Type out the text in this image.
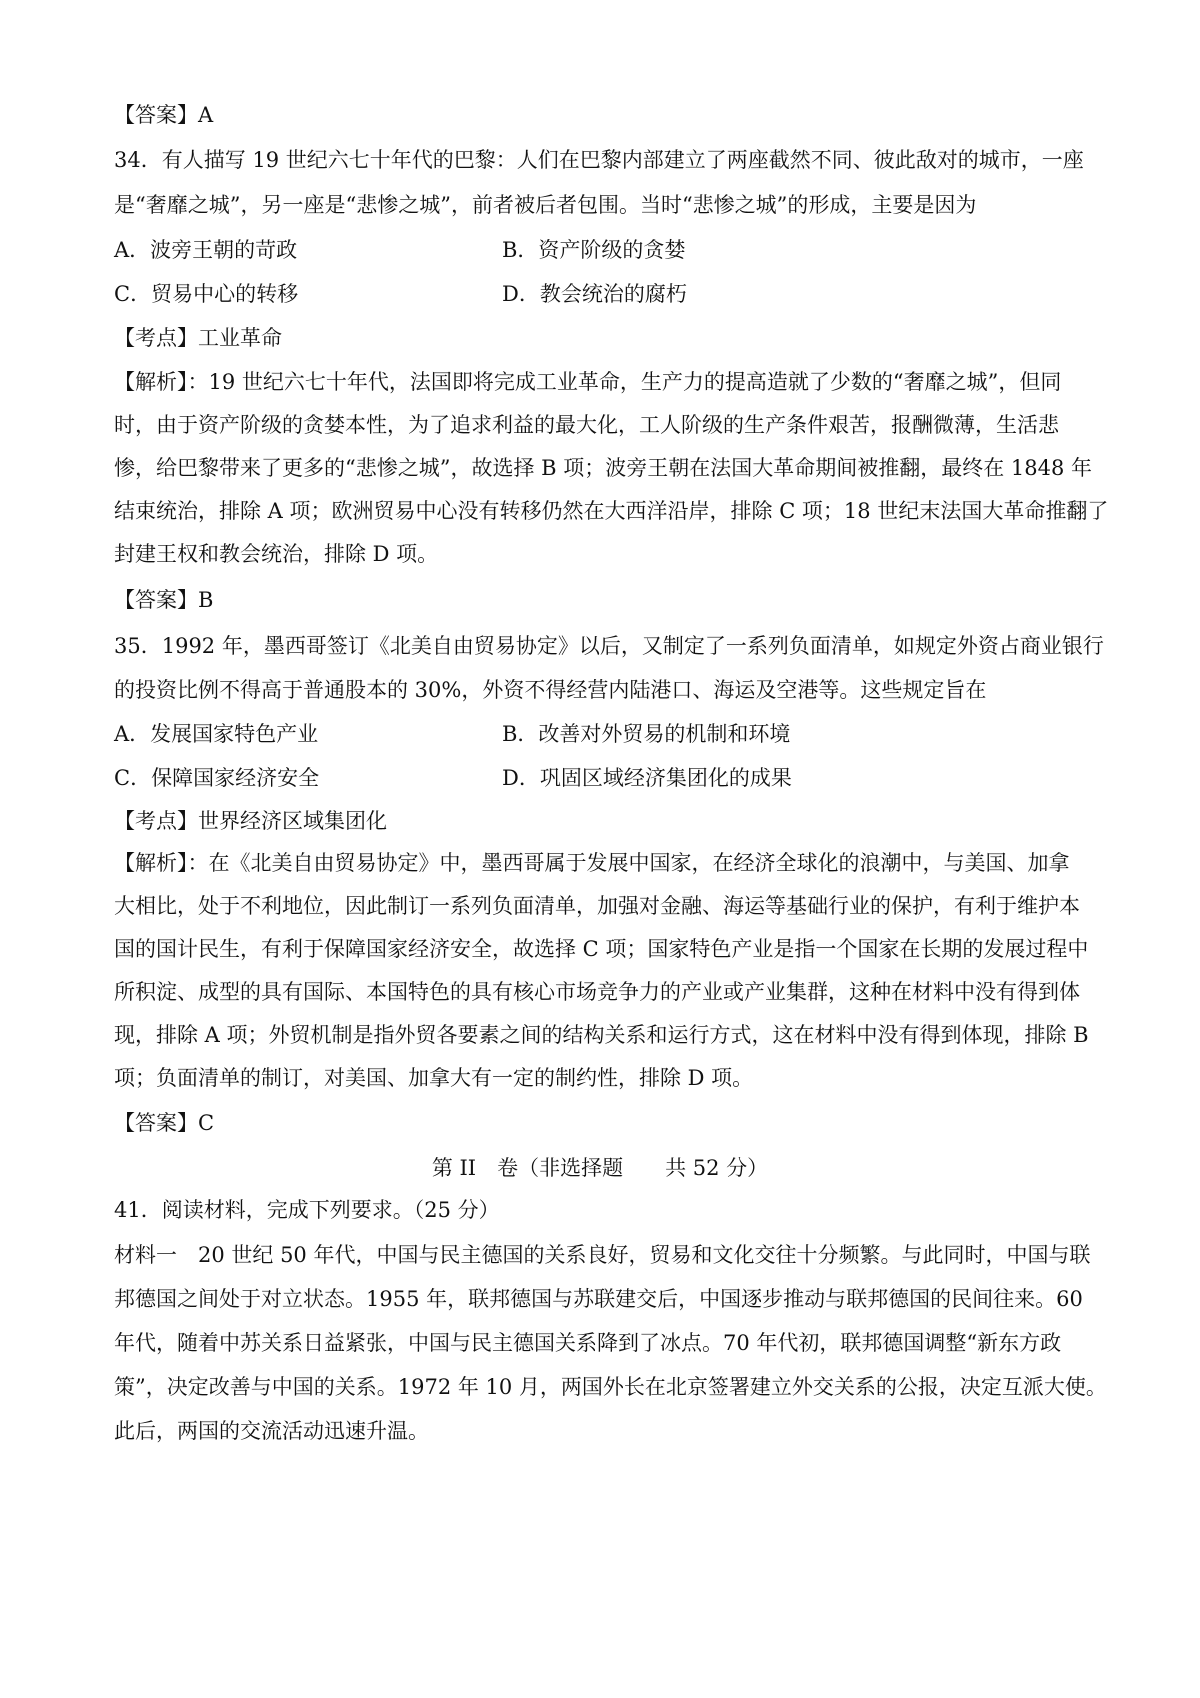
【答案】A
34．有人描写 19 世纪六七十年代的巴黎：人们在巴黎内部建立了两座截然不同、彼此敌对的城市，一座
是“奢靡之城”，另一座是“悲惨之城”，前者被后者包围。当时“悲惨之城”的形成，主要是因为
A．波旁王朝的苛政	B．资产阶级的贪婪
C．贸易中心的转移	D．教会统治的腐朽
【考点】工业革命
【解析】：19 世纪六七十年代，法国即将完成工业革命，生产力的提高造就了少数的“奢靡之城”，但同
时，由于资产阶级的贪婪本性，为了追求利益的最大化，工人阶级的生产条件艰苦，报酬微薄，生活悲
惨，给巴黎带来了更多的“悲惨之城”，故选择 B 项；波旁王朝在法国大革命期间被推翻，最终在 1848 年
结束统治，排除 A 项；欧洲贸易中心没有转移仍然在大西洋沿岸，排除 C 项；18 世纪末法国大革命推翻了
封建王权和教会统治，排除 D 项。
【答案】B
35．1992 年，墨西哥签订《北美自由贸易协定》以后，又制定了一系列负面清单，如规定外资占商业银行
的投资比例不得高于普通股本的 30%，外资不得经营内陆港口、海运及空港等。这些规定旨在
A．发展国家特色产业	B．改善对外贸易的机制和环境
C．保障国家经济安全	D．巩固区域经济集团化的成果
【考点】世界经济区域集团化
【解析】：在《北美自由贸易协定》中，墨西哥属于发展中国家，在经济全球化的浪潮中，与美国、加拿
大相比，处于不利地位，因此制订一系列负面清单，加强对金融、海运等基础行业的保护，有利于维护本
国的国计民生，有利于保障国家经济安全，故选择 C 项；国家特色产业是指一个国家在长期的发展过程中
所积淀、成型的具有国际、本国特色的具有核心市场竞争力的产业或产业集群，这种在材料中没有得到体
现，排除 A 项；外贸机制是指外贸各要素之间的结构关系和运行方式，这在材料中没有得到体现，排除 B
项；负面清单的制订，对美国、加拿大有一定的制约性，排除 D 项。
【答案】C
第 II　卷（非选择题　　共 52 分）
41．阅读材料，完成下列要求。（25 分）
材料一　20 世纪 50 年代，中国与民主德国的关系良好，贸易和文化交往十分频繁。与此同时，中国与联
邦德国之间处于对立状态。1955 年，联邦德国与苏联建交后，中国逐步推动与联邦德国的民间往来。60
年代，随着中苏关系日益紧张，中国与民主德国关系降到了冰点。70 年代初，联邦德国调整“新东方政
策”，决定改善与中国的关系。1972 年 10 月，两国外长在北京签署建立外交关系的公报，决定互派大使。
此后，两国的交流活动迅速升温。
